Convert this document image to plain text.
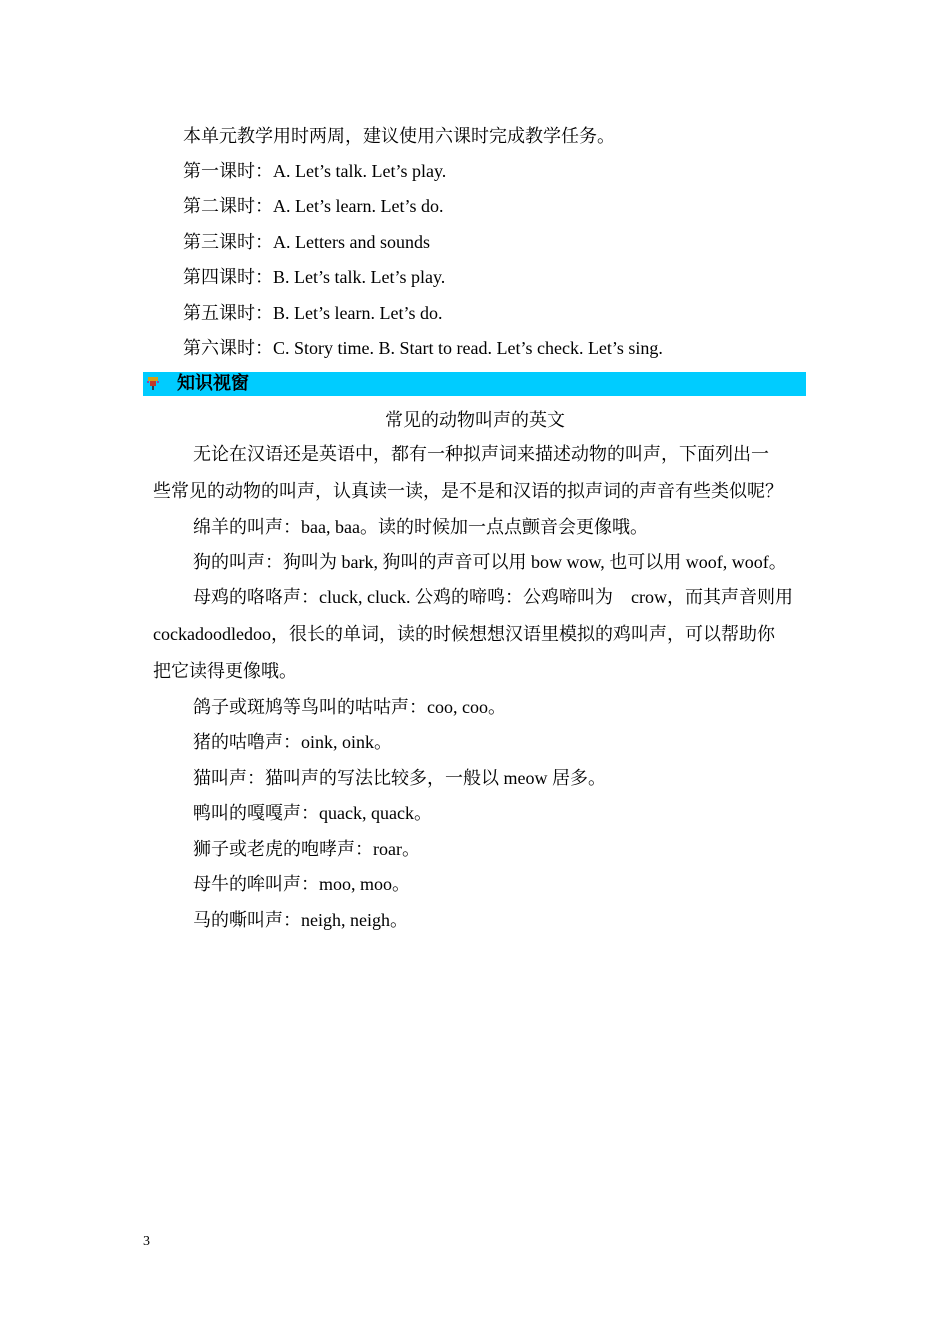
本单元教学用时两周，建议使用六课时完成教学任务。
第一课时：A. Let’s talk. Let’s play.
第二课时：A. Let’s learn. Let’s do.
第三课时：A. Letters and sounds
第四课时：B. Let’s talk. Let’s play.
第五课时：B. Let’s learn. Let’s do.
第六课时：C. Story time. B. Start to read. Let’s check. Let’s sing.
知识视窗
常见的动物叫声的英文
无论在汉语还是英语中，都有一种拟声词来描述动物的叫声，下面列出一
些常见的动物的叫声，认真读一读，是不是和汉语的拟声词的声音有些类似呢？
绵羊的叫声：baa, baa。读的时候加一点点颤音会更像哦。
狗的叫声：狗叫为 bark, 狗叫的声音可以用 bow wow, 也可以用 woof, woof。
母鸡的咯咯声：cluck, cluck. 公鸡的啼鸣：公鸡啼叫为　crow，而其声音则用
cockadoodledoo，很长的单词，读的时候想想汉语里模拟的鸡叫声，可以帮助你
把它读得更像哦。
鸽子或斑鸠等鸟叫的咕咕声：coo, coo。
猪的咕噜声：oink, oink。
猫叫声：猫叫声的写法比较多，一般以 meow 居多。
鸭叫的嘎嘎声：quack, quack。
狮子或老虎的咆哮声：roar。
母牛的哞叫声：moo, moo。
马的嘶叫声：neigh, neigh。
3
